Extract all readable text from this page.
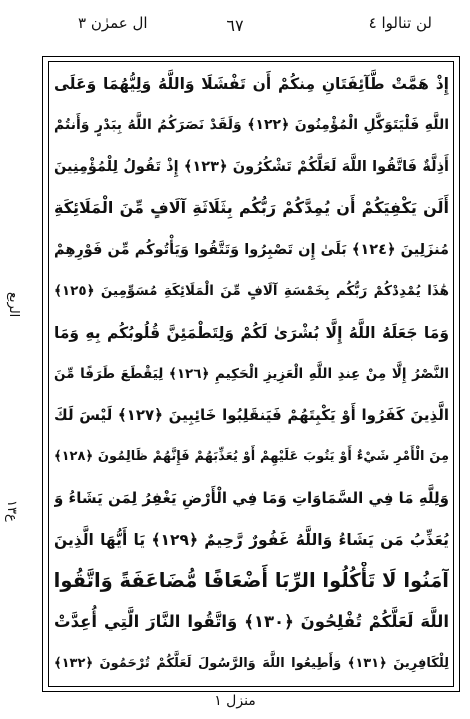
لن تنالوا ٤
٦٧
ال عمرٰن ٣
الربع
ع١٣
إِذْ هَمَّتْ طَّآئِفَتَانِ مِنكُمْ أَن تَفْشَلَا وَاللَّهُ وَلِيُّهُمَا وَعَلَى
اللَّهِ فَلْيَتَوَكَّلِ الْمُؤْمِنُونَ ﴿١٢٢﴾ وَلَقَدْ نَصَرَكُمُ اللَّهُ بِبَدْرٍ وَأَنتُمْ
أَذِلَّةٌ فَاتَّقُوا اللَّهَ لَعَلَّكُمْ تَشْكُرُونَ ﴿١٢٣﴾ إِذْ تَقُولُ لِلْمُؤْمِنِينَ
أَلَن يَكْفِيَكُمْ أَن يُمِدَّكُمْ رَبُّكُم بِثَلَاثَةِ آلَافٍ مِّنَ الْمَلَائِكَةِ
مُنزَلِينَ ﴿١٢٤﴾ بَلَىٰ إِن تَصْبِرُوا وَتَتَّقُوا وَيَأْتُوكُم مِّن فَوْرِهِمْ
هَٰذَا يُمْدِدْكُمْ رَبُّكُم بِخَمْسَةِ آلَافٍ مِّنَ الْمَلَائِكَةِ مُسَوِّمِينَ ﴿١٢٥﴾
وَمَا جَعَلَهُ اللَّهُ إِلَّا بُشْرَىٰ لَكُمْ وَلِتَطْمَئِنَّ قُلُوبُكُم بِهِ وَمَا
النَّصْرُ إِلَّا مِنْ عِندِ اللَّهِ الْعَزِيزِ الْحَكِيمِ ﴿١٢٦﴾ لِيَقْطَعَ طَرَفًا مِّنَ
الَّذِينَ كَفَرُوا أَوْ يَكْبِتَهُمْ فَيَنقَلِبُوا خَائِبِينَ ﴿١٢٧﴾ لَيْسَ لَكَ
مِنَ الْأَمْرِ شَيْءٌ أَوْ يَتُوبَ عَلَيْهِمْ أَوْ يُعَذِّبَهُمْ فَإِنَّهُمْ ظَالِمُونَ ﴿١٢٨﴾
وَلِلَّهِ مَا فِي السَّمَاوَاتِ وَمَا فِي الْأَرْضِ يَغْفِرُ لِمَن يَشَاءُ وَ
يُعَذِّبُ مَن يَشَاءُ وَاللَّهُ غَفُورٌ رَّحِيمٌ ﴿١٢٩﴾ يَا أَيُّهَا الَّذِينَ
آمَنُوا لَا تَأْكُلُوا الرِّبَا أَضْعَافًا مُّضَاعَفَةً وَاتَّقُوا
اللَّهَ لَعَلَّكُمْ تُفْلِحُونَ ﴿١٣٠﴾ وَاتَّقُوا النَّارَ الَّتِي أُعِدَّتْ
لِلْكَافِرِينَ ﴿١٣١﴾ وَأَطِيعُوا اللَّهَ وَالرَّسُولَ لَعَلَّكُمْ تُرْحَمُونَ ﴿١٣٢﴾
منزل ١
